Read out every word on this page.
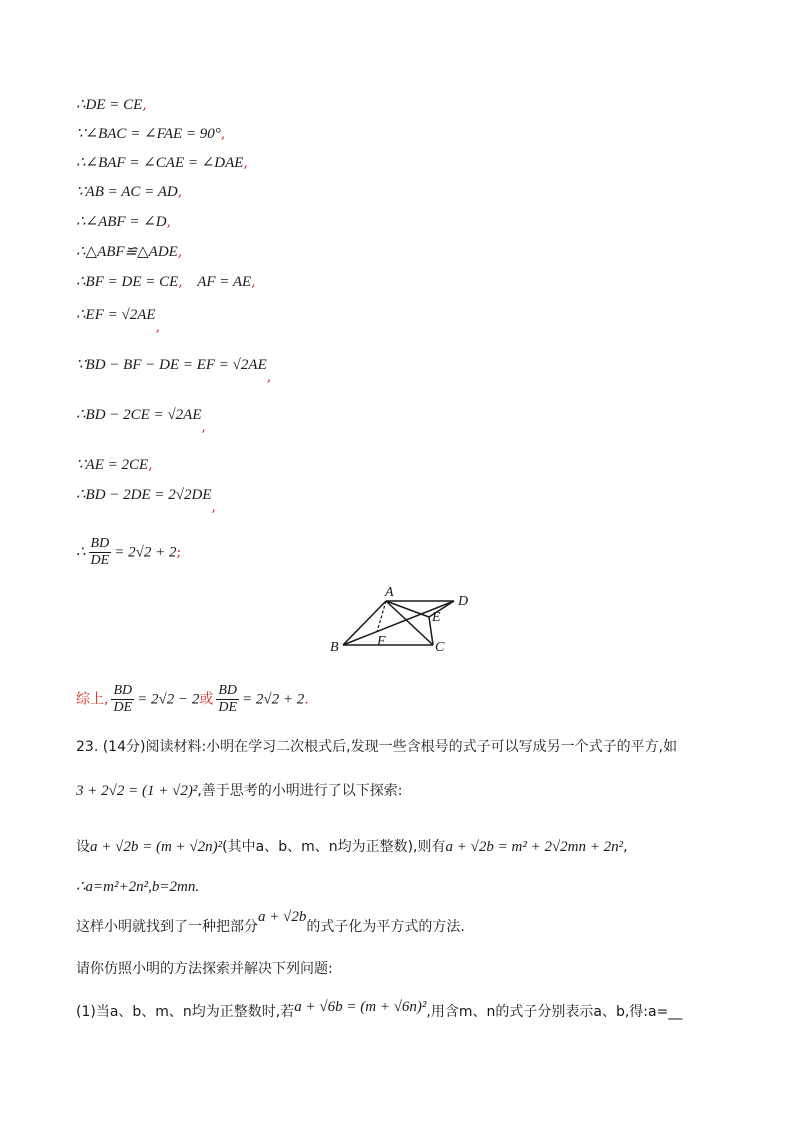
∴DE = CE,
∵∠BAC = ∠FAE = 90°,
∴∠BAF = ∠CAE = ∠DAE,
∵AB = AC = AD,
∴∠ABF = ∠D,
∴△ABF≌△ADE,
∴BF = DE = CE, AF = AE,
∴EF = √2AE,
∵BD − BF − DE = EF = √2AE,
∴BD − 2CE = √2AE,
∵AE = 2CE,
∴BD − 2DE = 2√2DE,
∴ $\frac{BD}{DE} = 2√2 + 2$;
A
B	C
D
E
F
综上, $\frac{BD}{DE} = 2√2 - 2$或 $\frac{BD}{DE} = 2√2 + 2$.
23. (14分)阅读材料:小明在学习二次根式后,发现一些含根号的式子可以写成另一个式子的平方,如
3 + 2√2 = (1 + √2)²,善于思考的小明进行了以下探索:
设a + √2b = (m + √2n)²(其中a、b、m、n均为正整数),则有a + √2b = m² + 2√2mn + 2n²,
∴a=m²+2n²,b=2mn.
这样小明就找到了一种把部分a + √2b的式子化为平方式的方法.
请你仿照小明的方法探索并解决下列问题:
(1)当a、b、m、n均为正整数时,若a + √6b = (m + √6n)²,用含m、n的式子分别表示a、b,得:a=__
